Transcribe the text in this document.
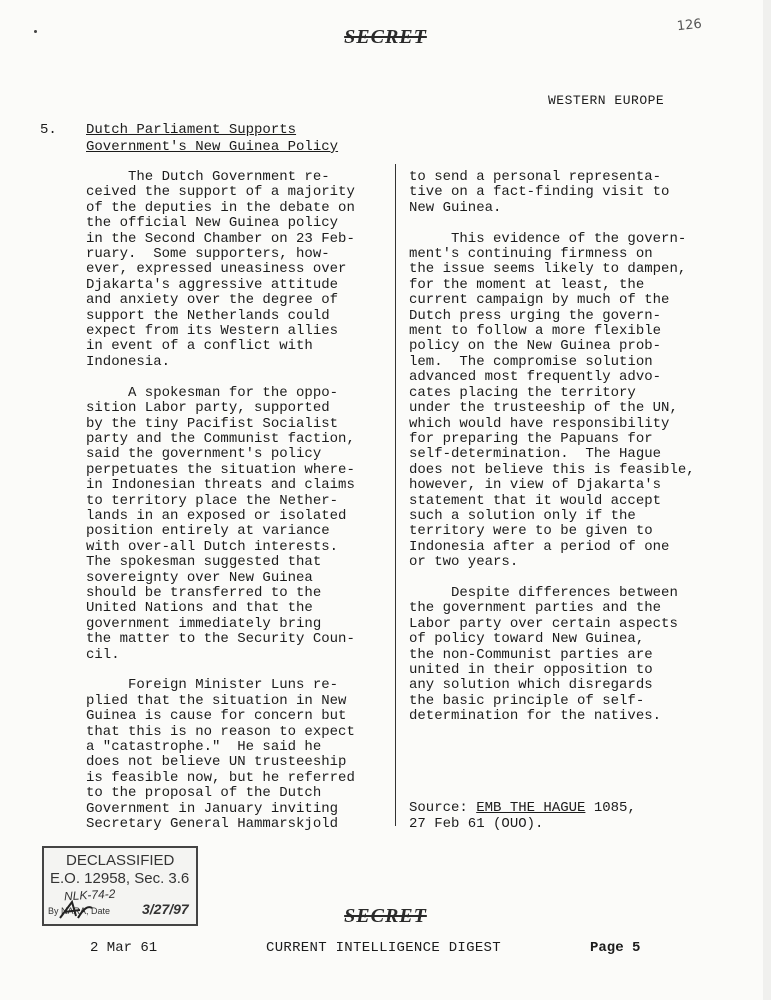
SECRET
126
WESTERN EUROPE
5. Dutch Parliament Supports
Government's New Guinea Policy
The Dutch Government re-
ceived the support of a majority
of the deputies in the debate on
the official New Guinea policy
in the Second Chamber on 23 Feb-
ruary.  Some supporters, how-
ever, expressed uneasiness over
Djakarta's aggressive attitude
and anxiety over the degree of
support the Netherlands could
expect from its Western allies
in event of a conflict with
Indonesia.

A spokesman for the oppo-
sition Labor party, supported
by the tiny Pacifist Socialist
party and the Communist faction,
said the government's policy
perpetuates the situation where-
in Indonesian threats and claims
to territory place the Nether-
lands in an exposed or isolated
position entirely at variance
with over-all Dutch interests.
The spokesman suggested that
sovereignty over New Guinea
should be transferred to the
United Nations and that the
government immediately bring
the matter to the Security Coun-
cil.

Foreign Minister Luns re-
plied that the situation in New
Guinea is cause for concern but
that this is no reason to expect
a "catastrophe."  He said he
does not believe UN trusteeship
is feasible now, but he referred
to the proposal of the Dutch
Government in January inviting
Secretary General Hammarskjold
to send a personal representa-
tive on a fact-finding visit to
New Guinea.

This evidence of the govern-
ment's continuing firmness on
the issue seems likely to dampen,
for the moment at least, the
current campaign by much of the
Dutch press urging the govern-
ment to follow a more flexible
policy on the New Guinea prob-
lem.  The compromise solution
advanced most frequently advo-
cates placing the territory
under the trusteeship of the UN,
which would have responsibility
for preparing the Papuans for
self-determination.  The Hague
does not believe this is feasible,
however, in view of Djakarta's
statement that it would accept
such a solution only if the
territory were to be given to
Indonesia after a period of one
or two years.

Despite differences between
the government parties and the
Labor party over certain aspects
of policy toward New Guinea,
the non-Communist parties are
united in their opposition to
any solution which disregards
the basic principle of self-
determination for the natives.
Source: EMB THE HAGUE 1085,
27 Feb 61 (OUO).
DECLASSIFIED
E.O. 12958, Sec. 3.6
NLK-74-2
By NARA, Date 3/27/97	SECRET
2 Mar 61	CURRENT INTELLIGENCE DIGEST	Page 5
